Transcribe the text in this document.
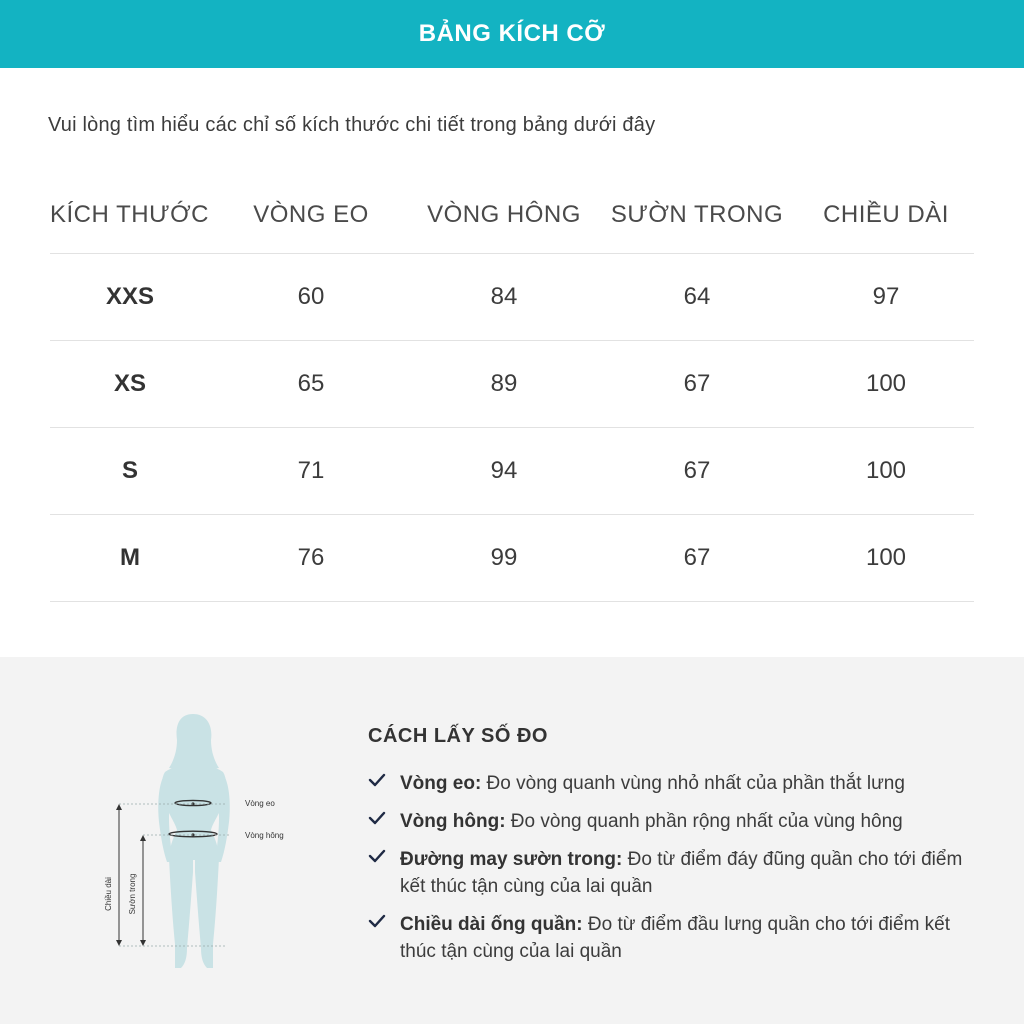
BẢNG KÍCH CỠ
Vui lòng tìm hiểu các chỉ số kích thước chi tiết trong bảng dưới đây
KÍCH THƯỚC	VÒNG EO	VÒNG HÔNG	SƯỜN TRONG	CHIỀU DÀI
XXS	60	84	64	97
XS	65	89	67	100
S	71	94	67	100
M	76	99	67	100
Vòng eo
Vòng hông
Chiều dài Sườn trong
CÁCH LẤY SỐ ĐO
Vòng eo: Đo vòng quanh vùng nhỏ nhất của phần thắt lưng
Vòng hông: Đo vòng quanh phần rộng nhất của vùng hông
Đường may sườn trong: Đo từ điểm đáy đũng quần cho tới điểm kết thúc tận cùng của lai quần
Chiều dài ống quần: Đo từ điểm đầu lưng quần cho tới điểm kết thúc tận cùng của lai quần
